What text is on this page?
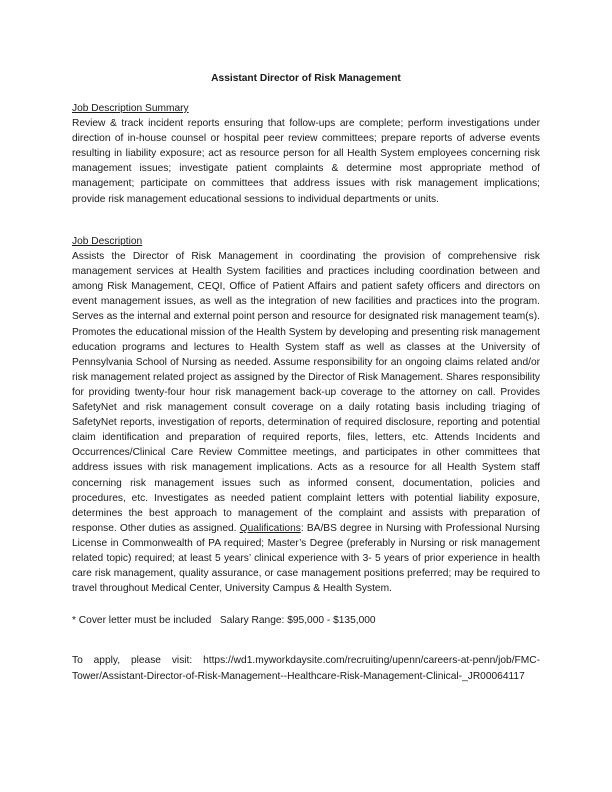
Assistant Director of Risk Management
Job Description Summary
Review & track incident reports ensuring that follow-ups are complete; perform investigations under direction of in-house counsel or hospital peer review committees; prepare reports of adverse events resulting in liability exposure; act as resource person for all Health System employees concerning risk management issues; investigate patient complaints & determine most appropriate method of management; participate on committees that address issues with risk management implications; provide risk management educational sessions to individual departments or units.
Job Description
Assists the Director of Risk Management in coordinating the provision of comprehensive risk management services at Health System facilities and practices including coordination between and among Risk Management, CEQI, Office of Patient Affairs and patient safety officers and directors on event management issues, as well as the integration of new facilities and practices into the program. Serves as the internal and external point person and resource for designated risk management team(s). Promotes the educational mission of the Health System by developing and presenting risk management education programs and lectures to Health System staff as well as classes at the University of Pennsylvania School of Nursing as needed. Assume responsibility for an ongoing claims related and/or risk management related project as assigned by the Director of Risk Management. Shares responsibility for providing twenty-four hour risk management back-up coverage to the attorney on call. Provides SafetyNet and risk management consult coverage on a daily rotating basis including triaging of SafetyNet reports, investigation of reports, determination of required disclosure, reporting and potential claim identification and preparation of required reports, files, letters, etc. Attends Incidents and Occurrences/Clinical Care Review Committee meetings, and participates in other committees that address issues with risk management implications. Acts as a resource for all Health System staff concerning risk management issues such as informed consent, documentation, policies and procedures, etc. Investigates as needed patient complaint letters with potential liability exposure, determines the best approach to management of the complaint and assists with preparation of response. Other duties as assigned. Qualifications: BA/BS degree in Nursing with Professional Nursing License in Commonwealth of PA required; Master’s Degree (preferably in Nursing or risk management related topic) required; at least 5 years’ clinical experience with 3- 5 years of prior experience in health care risk management, quality assurance, or case management positions preferred; may be required to travel throughout Medical Center, University Campus & Health System.
* Cover letter must be included Salary Range: $95,000 - $135,000
To apply, please visit: https://wd1.myworkdaysite.com/recruiting/upenn/careers-at-penn/job/FMC-Tower/Assistant-Director-of-Risk-Management--Healthcare-Risk-Management-Clinical-_JR00064117
